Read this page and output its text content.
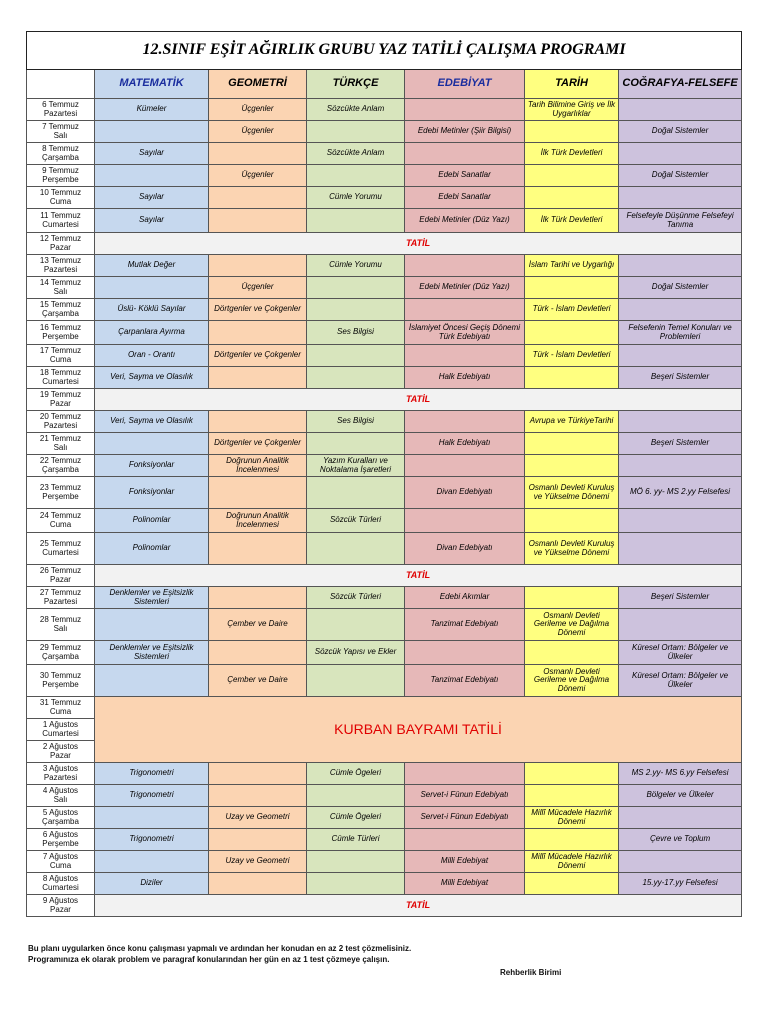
12.SINIF EŞİT AĞIRLIK GRUBU YAZ TATİLİ ÇALIŞMA PROGRAMI						
	MATEMATİK	GEOMETRİ	TÜRKÇE	EDEBİYAT	TARİH	COĞRAFYA-FELSEFE
6 Temmuz
Pazartesi	Kümeler	Üçgenler	Sözcükte Anlam		Tarih Bilimine Giriş ve İlk Uygarlıklar	
7 Temmuz
Salı		Üçgenler		Edebi Metinler (Şiir Bilgisi)		Doğal Sistemler
8 Temmuz
Çarşamba	Sayılar		Sözcükte Anlam		İlk Türk Devletleri	
9 Temmuz
Perşembe		Üçgenler		Edebi Sanatlar		Doğal Sistemler
10 Temmuz
Cuma	Sayılar		Cümle Yorumu	Edebi Sanatlar		
11 Temmuz
Cumartesi	Sayılar			Edebi Metinler (Düz Yazı)	İlk Türk Devletleri	Felsefeyle Düşünme Felsefeyi Tanıma
12 Temmuz
Pazar	TATİL					
13 Temmuz
Pazartesi	Mutlak Değer		Cümle Yorumu		İslam Tarihi ve Uygarlığı	
14 Temmuz
Salı		Üçgenler		Edebi Metinler (Düz Yazı)		Doğal Sistemler
15 Temmuz
Çarşamba	Üslü- Köklü Sayılar	Dörtgenler ve Çokgenler			Türk - İslam Devletleri	
16 Temmuz
Perşembe	Çarpanlara Ayırma		Ses Bilgisi	İslamiyet Öncesi Geçiş Dönemi Türk Edebiyatı		Felsefenin Temel Konuları ve Problemleri
17 Temmuz
Cuma	Oran - Orantı	Dörtgenler ve Çokgenler			Türk - İslam Devletleri	
18 Temmuz
Cumartesi	Veri, Sayma ve Olasılık			Halk Edebiyatı		Beşeri Sistemler
19 Temmuz
Pazar	TATİL					
20 Temmuz
Pazartesi	Veri, Sayma ve Olasılık		Ses Bilgisi		Avrupa ve TürkiyeTarihi	
21 Temmuz
Salı		Dörtgenler ve Çokgenler		Halk Edebiyatı		Beşeri Sistemler
22 Temmuz
Çarşamba	Fonksiyonlar	Doğrunun Analitik İncelenmesi	Yazım Kuralları ve Noktalama İşaretleri			
23 Temmuz
Perşembe	Fonksiyonlar			Divan Edebiyatı	Osmanlı Devleti Kuruluş ve Yükselme Dönemi	MÖ 6. yy- MS 2.yy Felsefesi
24 Temmuz
Cuma	Polinomlar	Doğrunun Analitik İncelenmesi	Sözcük Türleri			
25 Temmuz
Cumartesi	Polinomlar			Divan Edebiyatı	Osmanlı Devleti Kuruluş ve Yükselme Dönemi	
26 Temmuz
Pazar	TATİL					
27 Temmuz
Pazartesi	Denklemler ve Eşitsizlik Sistemleri		Sözcük Türleri	Edebi Akımlar		Beşeri Sistemler
28 Temmuz
Salı		Çember ve Daire		Tanzimat Edebiyatı	Osmanlı Devleti Gerileme ve Dağılma Dönemi	
29 Temmuz
Çarşamba	Denklemler ve Eşitsizlik Sistemleri		Sözcük Yapısı ve Ekler			Küresel Ortam: Bölgeler ve Ülkeler
30 Temmuz
Perşembe		Çember ve Daire		Tanzimat Edebiyatı	Osmanlı Devleti Gerileme ve Dağılma Dönemi	Küresel Ortam: Bölgeler ve Ülkeler
31 Temmuz
Cuma	KURBAN BAYRAMI TATİLİ					
1 Ağustos
Cumartesi						
2 Ağustos
Pazar						
3 Ağustos
Pazartesi	Trigonometri		Cümle Ögeleri			MS 2.yy- MS 6.yy Felsefesi
4 Ağustos
Salı	Trigonometri			Servet-i Fünun Edebiyatı		Bölgeler ve Ülkeler
5 Ağustos
Çarşamba		Uzay ve Geometri	Cümle Ögeleri	Servet-i Fünun Edebiyatı	Millî Mücadele Hazırlık Dönemi	
6 Ağustos
Perşembe	Trigonometri		Cümle Türleri			Çevre ve Toplum
7 Ağustos
Cuma		Uzay ve Geometri		Milli Edebiyat	Millî Mücadele Hazırlık Dönemi	
8 Ağustos
Cumartesi	Diziler			Milli Edebiyat		15.yy-17.yy Felsefesi
9 Ağustos
Pazar	TATİL					

Bu planı uygularken önce konu çalışması yapmalı ve ardından her konudan en az 2 test çözmelisiniz.

Programınıza ek olarak problem ve paragraf konularından her gün en az 1 test çözmeye çalışın.

Rehberlik Birimi
